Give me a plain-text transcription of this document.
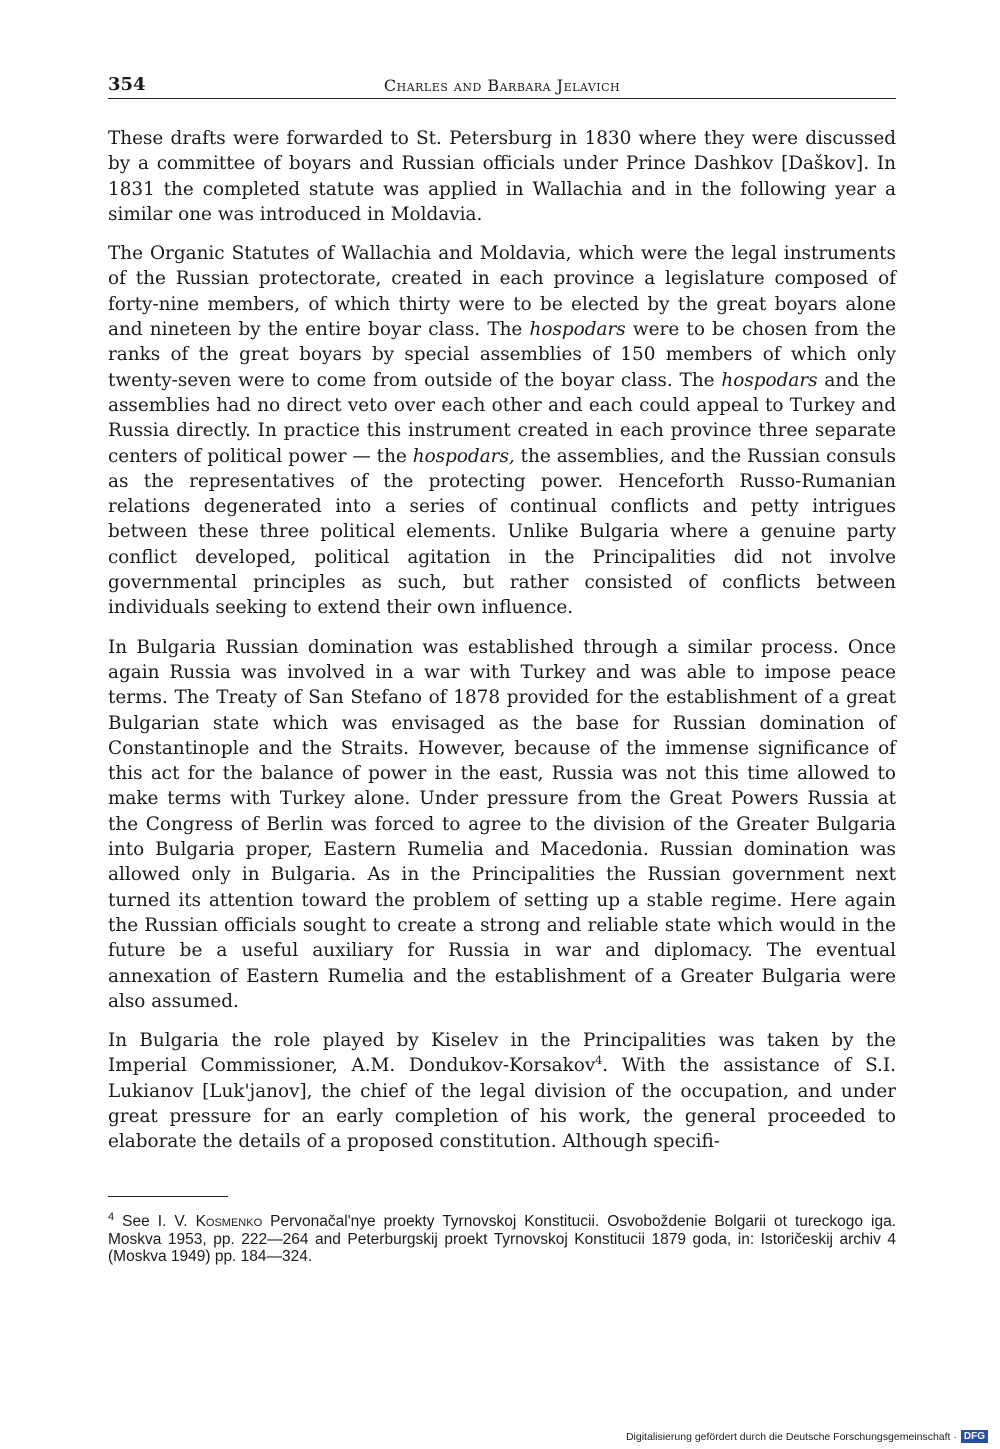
354	Charles and Barbara Jelavich

These drafts were forwarded to St. Petersburg in 1830 where they were discussed by a committee of boyars and Russian officials under Prince Dashkov [Daškov]. In 1831 the completed statute was applied in Wallachia and in the following year a similar one was introduced in Moldavia.

The Organic Statutes of Wallachia and Moldavia, which were the legal instruments of the Russian protectorate, created in each province a legislature composed of forty-nine members, of which thirty were to be elected by the great boyars alone and nineteen by the entire boyar class. The hospodars were to be chosen from the ranks of the great boyars by special assemblies of 150 members of which only twenty-seven were to come from outside of the boyar class. The hospodars and the assemblies had no direct veto over each other and each could appeal to Turkey and Russia directly. In practice this instrument created in each province three separate centers of political power — the hospodars, the assemblies, and the Russian consuls as the representatives of the protecting power. Henceforth Russo-Rumanian relations degenerated into a series of continual conflicts and petty intrigues between these three political elements. Unlike Bulgaria where a genuine party conflict developed, political agitation in the Principalities did not involve governmental principles as such, but rather consisted of conflicts between individuals seeking to extend their own influence.

In Bulgaria Russian domination was established through a similar process. Once again Russia was involved in a war with Turkey and was able to impose peace terms. The Treaty of San Stefano of 1878 provided for the establishment of a great Bulgarian state which was envisaged as the base for Russian domination of Constantinople and the Straits. However, because of the immense significance of this act for the balance of power in the east, Russia was not this time allowed to make terms with Turkey alone. Under pressure from the Great Powers Russia at the Congress of Berlin was forced to agree to the division of the Greater Bulgaria into Bulgaria proper, Eastern Rumelia and Macedonia. Russian domination was allowed only in Bulgaria. As in the Principalities the Russian government next turned its attention toward the problem of setting up a stable regime. Here again the Russian officials sought to create a strong and reliable state which would in the future be a useful auxiliary for Russia in war and diplomacy. The eventual annexation of Eastern Rumelia and the establishment of a Greater Bulgaria were also assumed.

In Bulgaria the role played by Kiselev in the Principalities was taken by the Imperial Commissioner, A.M. Dondukov-Korsakov$^4$. With the assistance of S.I. Lukianov [Luk'janov], the chief of the legal division of the occupation, and under great pressure for an early completion of his work, the general proceeded to elaborate the details of a proposed constitution. Although specifi-

$^4$ See I. V. Kosmenko Pervonačal'nye proekty Tyrnovskoj Konstitucii. Osvoboždenie Bolgarii ot tureckogo iga. Moskva 1953, pp. 222—264 and Peterburgskij proekt Tyrnovskoj Konstitucii 1879 goda, in: Istoričeskij archiv 4 (Moskva 1949) pp. 184—324.
Digitalisierung gefördert durch die Deutsche Forschungsgemeinschaft · DFG
